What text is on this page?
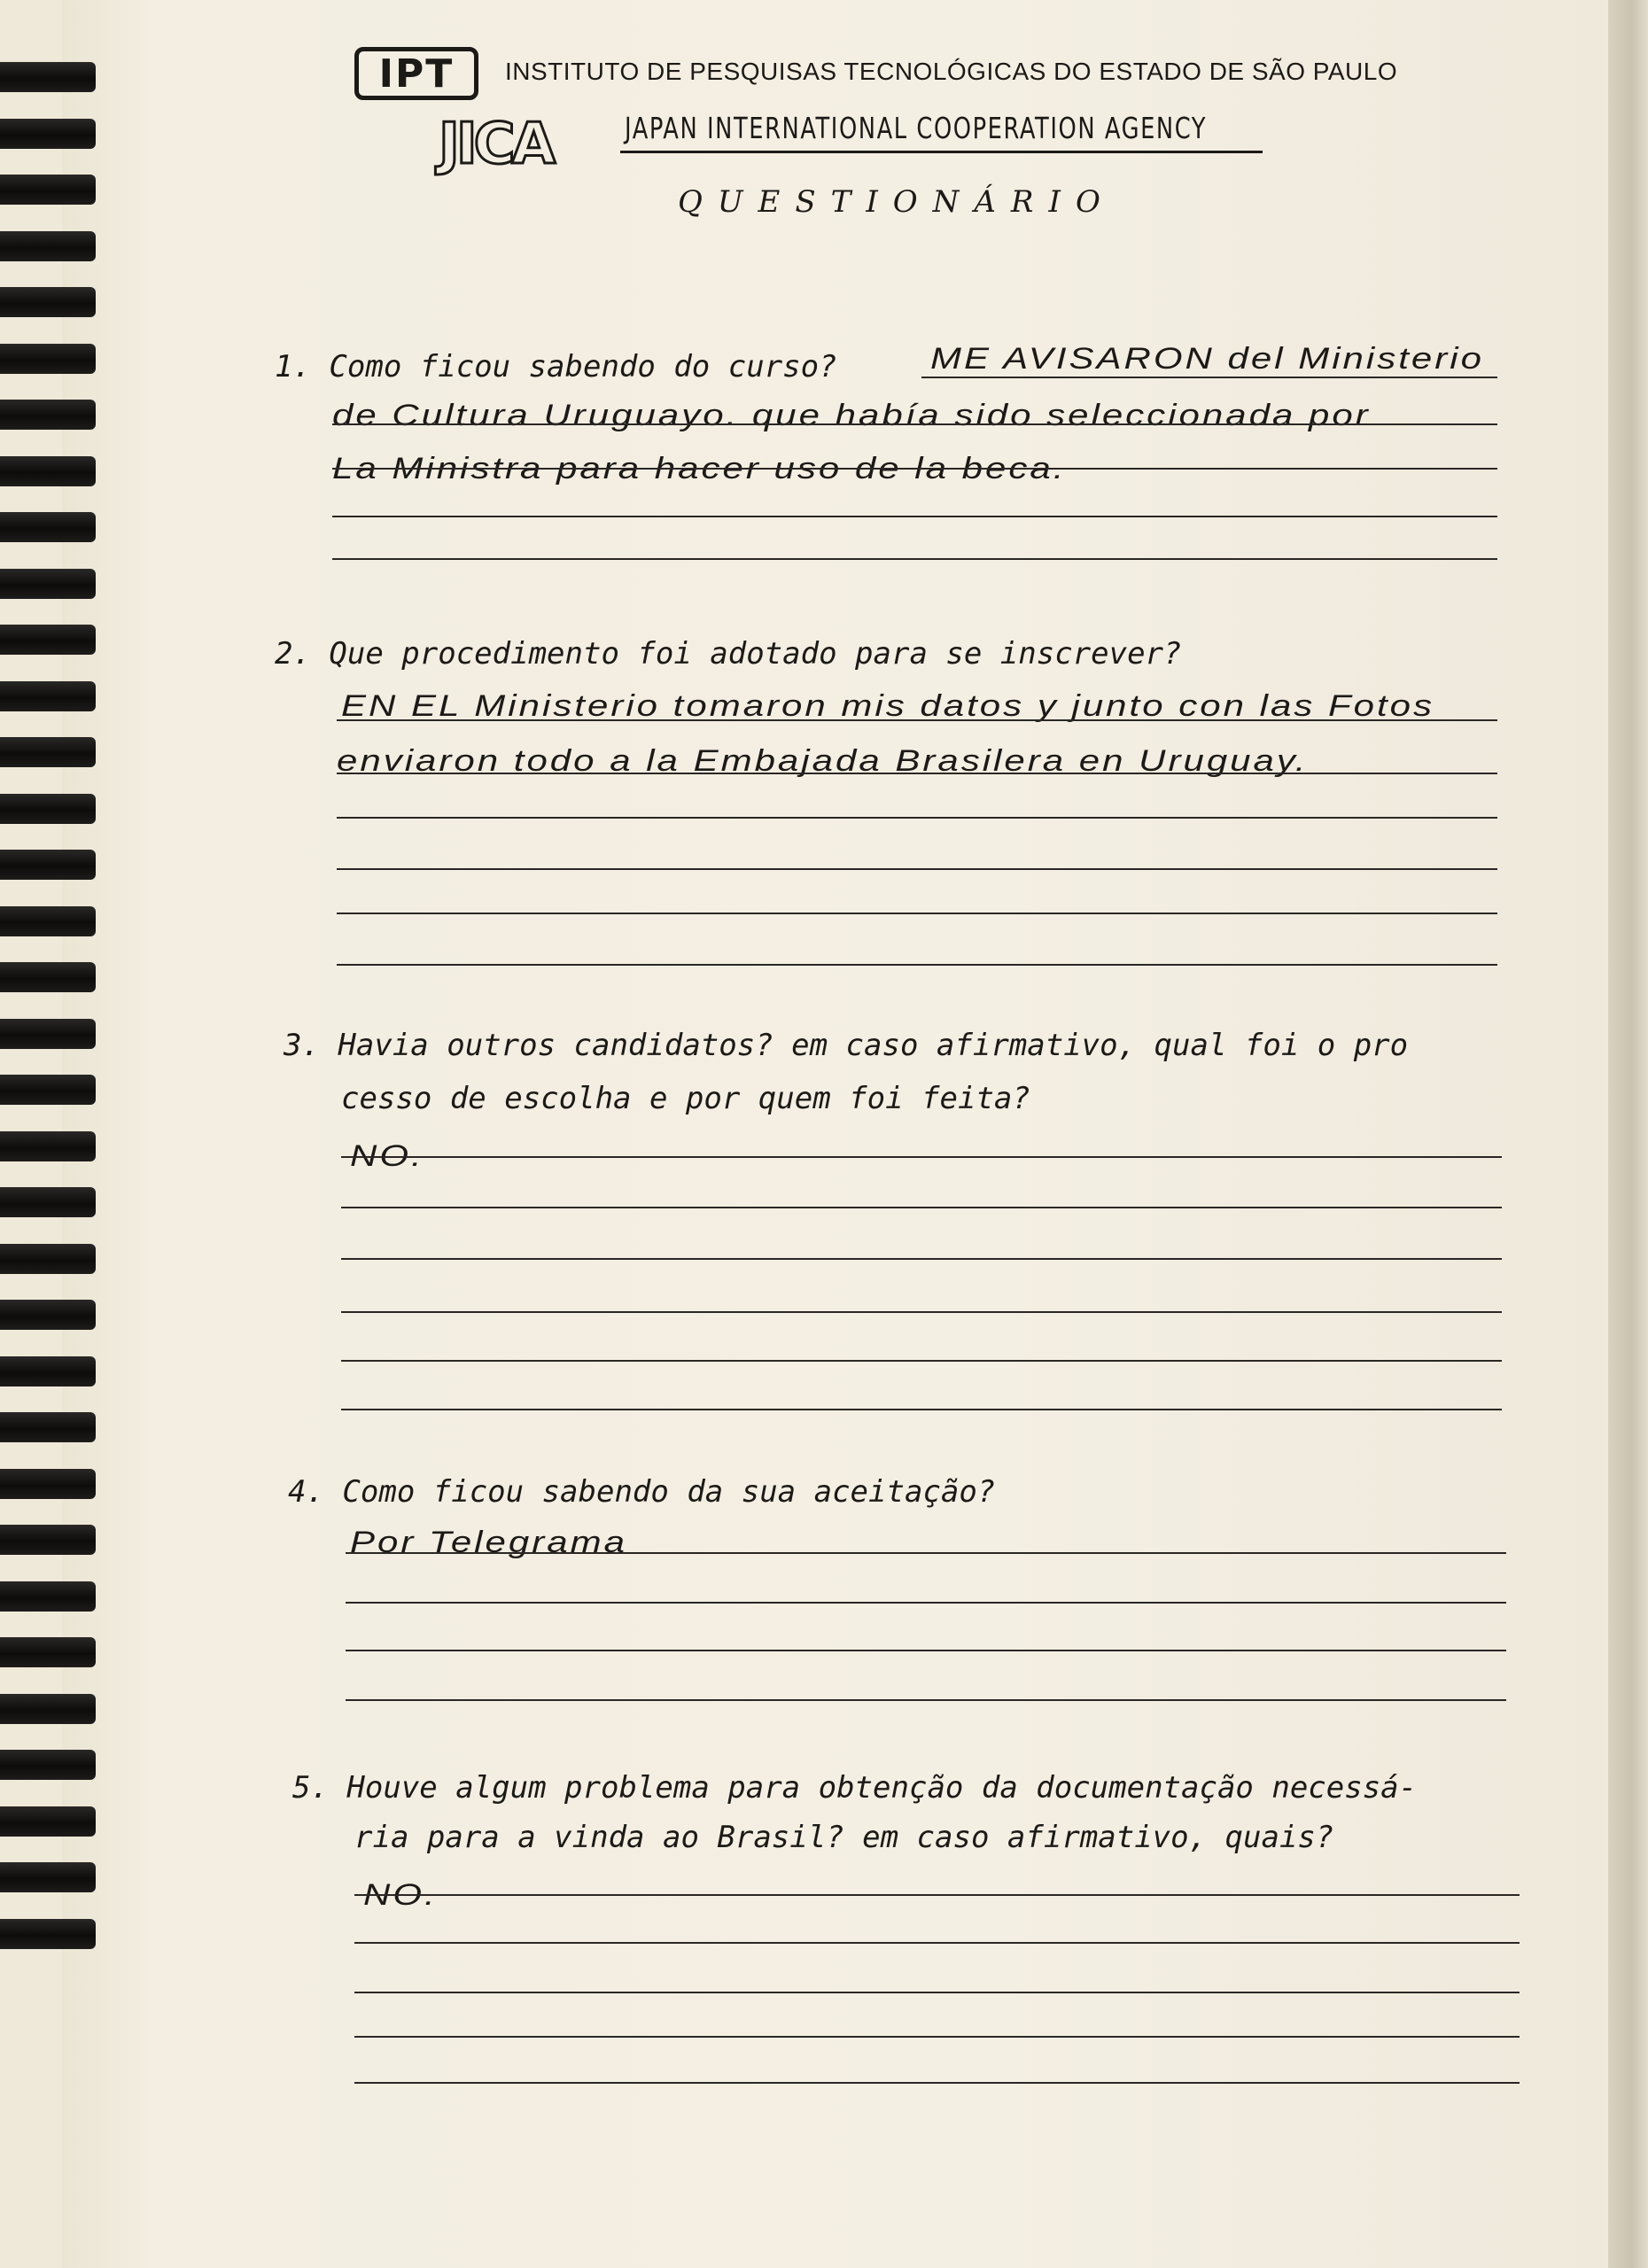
IPT	INSTITUTO DE PESQUISAS TECNOLÓGICAS DO ESTADO DE SÃO PAULO
JICA	JAPAN INTERNATIONAL COOPERATION AGENCY
QUESTIONÁRIO
1. Como ficou sabendo do curso?	ME AVISARON del Ministerio
de Cultura Uruguayo. que había sido seleccionada por
La Ministra para hacer uso de la beca.
2. Que procedimento foi adotado para se inscrever?
EN EL Ministerio tomaron mis datos y junto con las Fotos
enviaron todo a la Embajada Brasilera en Uruguay.
3. Havia outros candidatos? em caso afirmativo, qual foi o pro
cesso de escolha e por quem foi feita?
NO.
4. Como ficou sabendo da sua aceitação?
Por Telegrama
5. Houve algum problema para obtenção da documentação necessá-
ria para a vinda ao Brasil? em caso afirmativo, quais?
NO.
